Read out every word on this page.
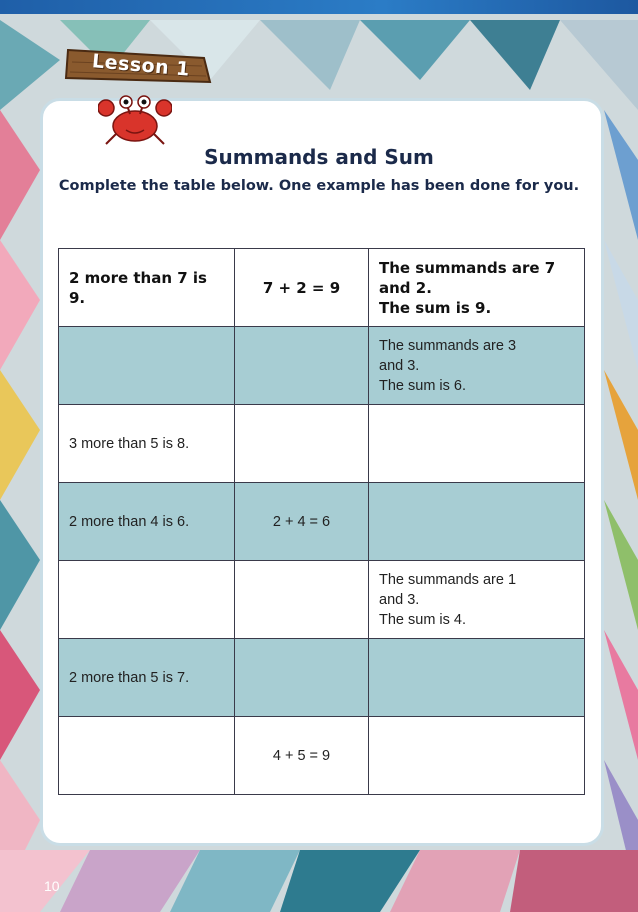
Lesson 1
Summands and Sum
Complete the table below. One example has been done for you.
2 more than 7 is 9.	7 + 2 = 9	The summands are 7
and 2.
The sum is 9.

		The summands are 3
and 3.
The sum is 6.

3 more than 5 is 8.		

2 more than 4 is 6.	2 + 4 = 6	

		The summands are 1
and 3.
The sum is 4.

2 more than 5 is 7.		

	4 + 5 = 9	
10
